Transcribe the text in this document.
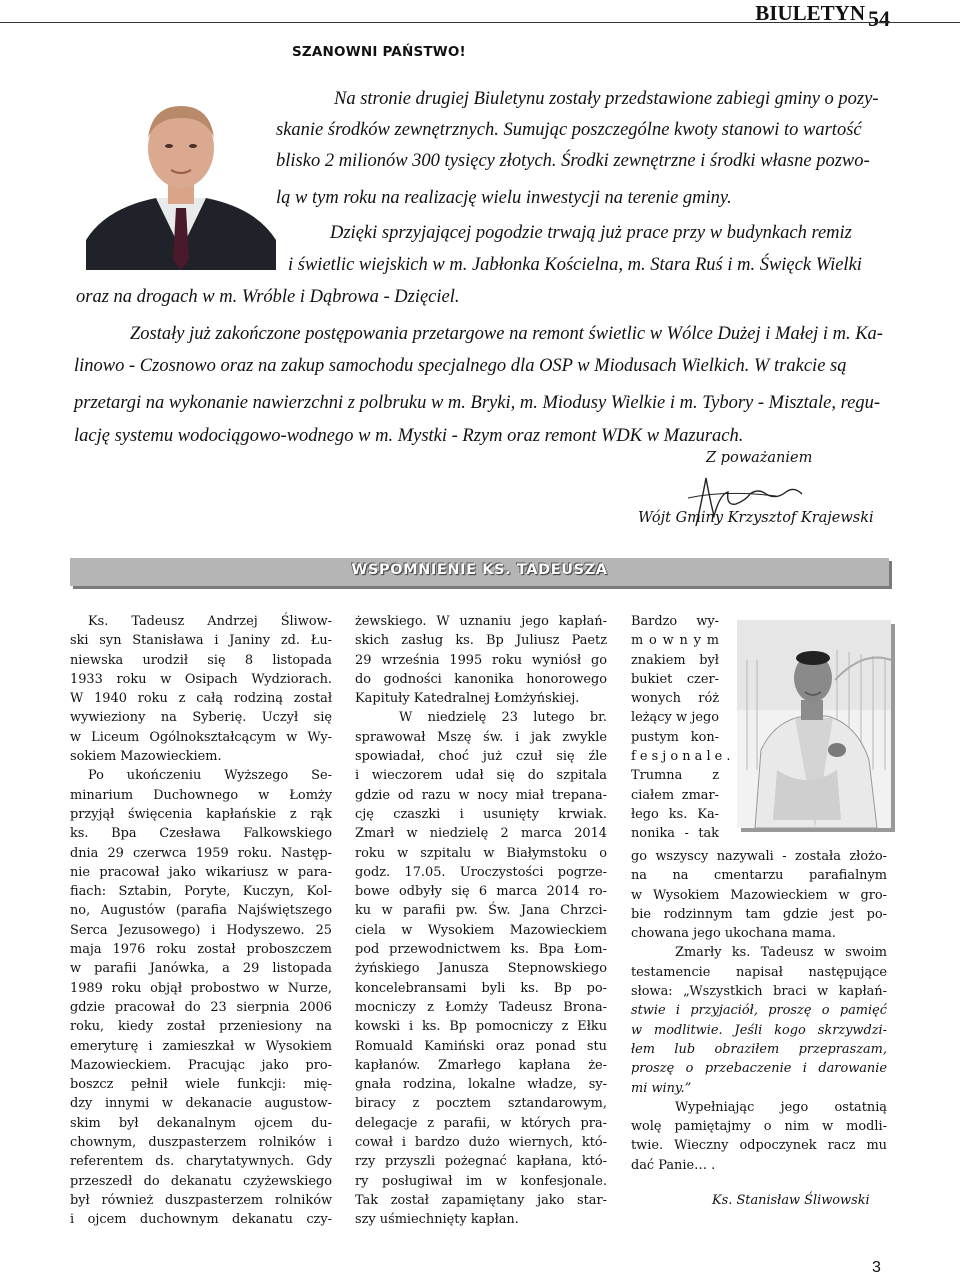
BIULETYN 54
SZANOWNI PAŃSTWO!
Na stronie drugiej Biuletynu zostały przedstawione zabiegi gminy o pozy-
skanie środków zewnętrznych. Sumując poszczególne kwoty stanowi to wartość
blisko 2 milionów 300 tysięcy złotych. Środki zewnętrzne i środki własne pozwo-
lą w tym roku na realizację wielu inwestycji na terenie gminy.
Dzięki sprzyjającej pogodzie trwają już prace przy w budynkach remiz
i świetlic wiejskich w m. Jabłonka Kościelna, m. Stara Ruś i m. Święck Wielki
oraz na drogach w m. Wróble i Dąbrowa - Dzięciel.
Zostały już zakończone postępowania przetargowe na remont świetlic w Wólce Dużej i Małej i m. Ka-
linowo - Czosnowo oraz na zakup samochodu specjalnego dla OSP w Miodusach Wielkich. W trakcie są
przetargi na wykonanie nawierzchni z polbruku w m. Bryki, m. Miodusy Wielkie i m. Tybory - Misztale, regu-
lację systemu wodociągowo-wodnego w m. Mystki - Rzym oraz remont WDK w Mazurach.
Z poważaniem
Wójt Gminy Krzysztof Krajewski
WSPOMNIENIE KS. TADEUSZA
Ks. Tadeusz Andrzej Śliwow-
ski syn Stanisława i Janiny zd. Łu-
niewska urodził się 8 listopada
1933 roku w Osipach Wydziorach.
W 1940 roku z całą rodziną został
wywieziony na Syberię. Uczył się
w Liceum Ogólnokształcącym w Wy-
sokiem Mazowieckiem.
Po ukończeniu Wyższego Se-
minarium Duchownego w Łomży
przyjął święcenia kapłańskie z rąk
ks. Bpa Czesława Falkowskiego
dnia 29 czerwca 1959 roku. Następ-
nie pracował jako wikariusz w para-
fiach: Sztabin, Poryte, Kuczyn, Kol-
no, Augustów (parafia Najświętszego
Serca Jezusowego) i Hodyszewo. 25
maja 1976 roku został proboszczem
w parafii Janówka, a 29 listopada
1989 roku objął probostwo w Nurze,
gdzie pracował do 23 sierpnia 2006
roku, kiedy został przeniesiony na
emeryturę i zamieszkał w Wysokiem
Mazowieckiem. Pracując jako pro-
boszcz pełnił wiele funkcji: mię-
dzy innymi w dekanacie augustow-
skim był dekanalnym ojcem du-
chownym, duszpasterzem rolników i
referentem ds. charytatywnych. Gdy
przeszedł do dekanatu czyżewskiego
był również duszpasterzem rolników
i ojcem duchownym dekanatu czy-
żewskiego. W uznaniu jego kapłań-
skich zasług ks. Bp Juliusz Paetz
29 września 1995 roku wyniósł go
do godności kanonika honorowego
Kapituły Katedralnej Łomżyńskiej.
W niedzielę 23 lutego br.
sprawował Mszę św. i jak zwykle
spowiadał, choć już czuł się źle
i wieczorem udał się do szpitala
gdzie od razu w nocy miał trepana-
cję czaszki i usunięty krwiak.
Zmarł w niedzielę 2 marca 2014
roku w szpitalu w Białymstoku o
godz. 17.05. Uroczystości pogrze-
bowe odbyły się 6 marca 2014 ro-
ku w parafii pw. Św. Jana Chrzci-
ciela w Wysokiem Mazowieckiem
pod przewodnictwem ks. Bpa Łom-
żyńskiego Janusza Stepnowskiego
koncelebransami byli ks. Bp po-
mocniczy z Łomży Tadeusz Brona-
kowski i ks. Bp pomocniczy z Ełku
Romuald Kamiński oraz ponad stu
kapłanów. Zmarłego kapłana że-
gnała rodzina, lokalne władze, sy-
biracy z pocztem sztandarowym,
delegacje z parafii, w których pra-
cował i bardzo dużo wiernych, któ-
rzy przyszli pożegnać kapłana, któ-
ry posługiwał im w konfesjonale.
Tak został zapamiętany jako star-
szy uśmiechnięty kapłan.
Bardzo wy-
m o w n y m
znakiem był
bukiet czer-
wonych róż
leżący w jego
pustym kon-
f e s j o n a l e .
Trumna z
ciałem zmar-
łego ks. Ka-
nonika - tak
go wszyscy nazywali - została złożo-
na na cmentarzu parafialnym
w Wysokiem Mazowieckiem w gro-
bie rodzinnym tam gdzie jest po-
chowana jego ukochana mama.
Zmarły ks. Tadeusz w swoim
testamencie napisał następujące
słowa: „Wszystkich braci w kapłań-
stwie i przyjaciół, proszę o pamięć
w modlitwie. Jeśli kogo skrzywdzi-
łem lub obraziłem przepraszam,
proszę o przebaczenie i darowanie
mi winy.”
Wypełniając jego ostatnią
wolę pamiętajmy o nim w modli-
twie. Wieczny odpoczynek racz mu
dać Panie… .
Ks. Stanisław Śliwowski
3
